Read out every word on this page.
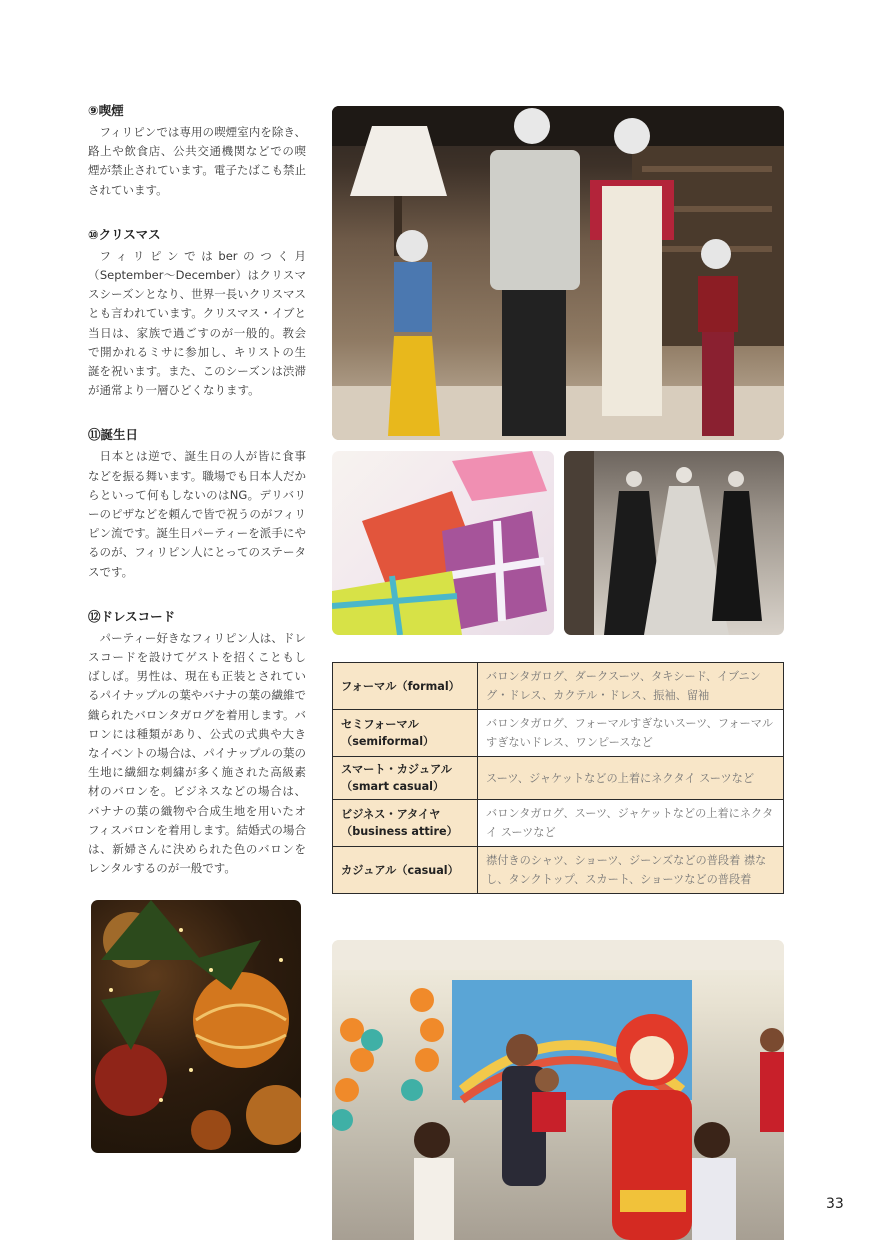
⑨喫煙

フィリピンでは専用の喫煙室内を除き、路上や飲食店、公共交通機関などでの喫煙が禁止されています。電子たばこも禁止されています。

⑩クリスマス

フィリピンではberのつく月（September～December）はクリスマスシーズンとなり、世界一長いクリスマスとも言われています。クリスマス・イブと当日は、家族で過ごすのが一般的。教会で開かれるミサに参加し、キリストの生誕を祝います。また、このシーズンは渋滞が通常より一層ひどくなります。

⑪誕生日

日本とは逆で、誕生日の人が皆に食事などを振る舞います。職場でも日本人だからといって何もしないのはNG。デリバリーのピザなどを頼んで皆で祝うのがフィリピン流です。誕生日パーティーを派手にやるのが、フィリピン人にとってのステータスです。

⑫ドレスコード

パーティー好きなフィリピン人は、ドレスコードを設けてゲストを招くこともしばしば。男性は、現在も正装とされているパイナップルの葉やバナナの葉の繊維で織られたバロンタガログを着用します。バロンには種類があり、公式の式典や大きなイベントの場合は、パイナップルの葉の生地に繊細な刺繍が多く施された高級素材のバロンを。ビジネスなどの場合は、バナナの葉の織物や合成生地を用いたオフィスバロンを着用します。結婚式の場合は、新婦さんに決められた色のバロンをレンタルするのが一般です。

フォーマル（formal）	バロンタガログ、ダークスーツ、タキシード、イブニング・ドレス、カクテル・ドレス、振袖、留袖
セミフォーマル（semiformal）	バロンタガログ、フォーマルすぎないスーツ、フォーマルすぎないドレス、ワンピースなど
スマート・カジュアル（smart casual）	スーツ、ジャケットなどの上着にネクタイ スーツなど
ビジネス・アタイヤ（business attire）	バロンタガログ、スーツ、ジャケットなどの上着にネクタイ スーツなど
カジュアル（casual）	襟付きのシャツ、ショーツ、ジーンズなどの普段着 襟なし、タンクトップ、スカート、ショーツなどの普段着
33
